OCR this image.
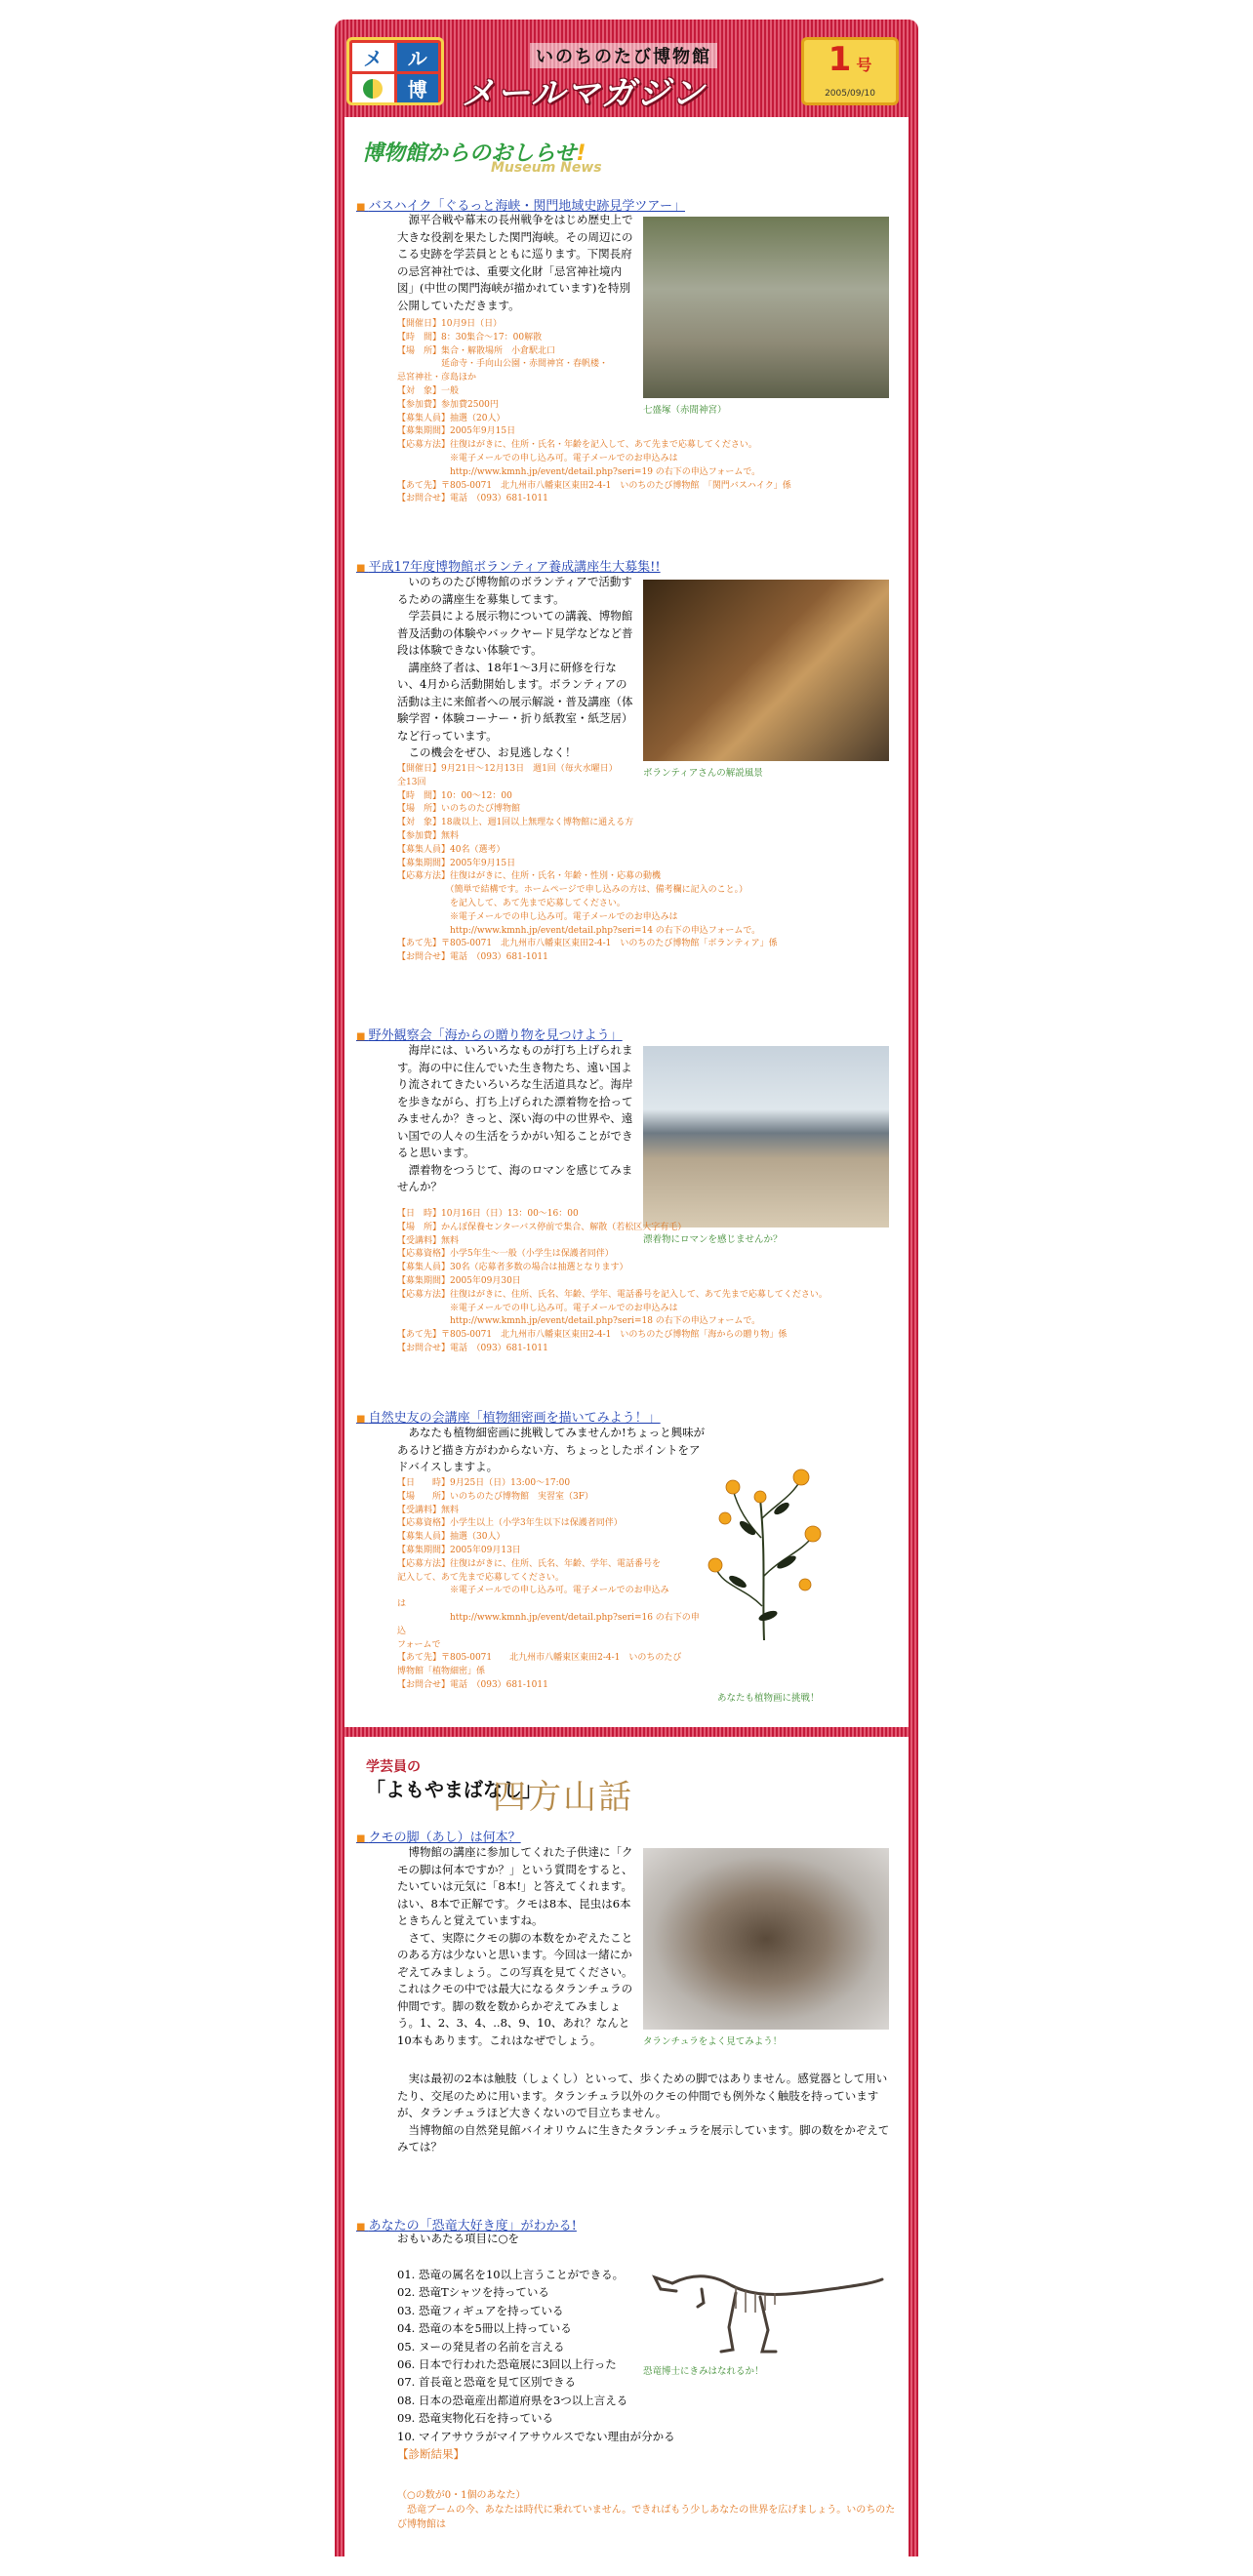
メ	ル
博
いのちのたび博物館
メールマガジン
1 号
2005/09/10
博物館からのおしらせ!
Museum News
■ バスハイク「ぐるっと海峡・関門地域史跡見学ツアー」

　源平合戦や幕末の長州戦争をはじめ歴史上で大きな役割を果たした関門海峡。その周辺にのこる史跡を学芸員とともに巡ります。下関長府の忌宮神社では、重要文化財「忌宮神社境内図」(中世の関門海峡が描かれています)を特別公開していただきます。

七盛塚（赤間神宮）

【開催日】10月9日（日）
【時　間】8：30集合～17：00解散
【場　所】集合・解散場所　小倉駅北口
　　　　　延命寺・手向山公園・赤間神宮・春帆楼・
忌宮神社・彦島ほか
【対　象】一般
【参加費】参加費2500円
【募集人員】抽選（20人）
【募集期間】2005年9月15日
【応募方法】往復はがきに、住所・氏名・年齢を記入して、あて先まで応募してください。
　　　　　　※電子メールでの申し込み可。電子メールでのお申込みは
　　　　　　http://www.kmnh.jp/event/detail.php?seri=19 の右下の申込フォームで。
【あて先】〒805-0071　北九州市八幡東区東田2-4-1　いのちのたび博物館　「関門バスハイク」係
【お問合せ】電話　（093）681-1011

■ 平成17年度博物館ボランティア養成講座生大募集!!

　いのちのたび博物館のボランティアで活動するための講座生を募集してます。
　学芸員による展示物についての講義、博物館普及活動の体験やバックヤード見学などなど普段は体験できない体験です。
　講座終了者は、18年1～3月に研修を行ない、4月から活動開始します。ボランティアの活動は主に来館者への展示解説・普及講座（体験学習・体験コーナー・折り紙教室・紙芝居）など行っています。
　この機会をぜひ、お見逃しなく！

ボランティアさんの解説風景

【開催日】9月21日～12月13日　週1回（毎火水曜日）
全13回
【時　間】10：00～12：00
【場　所】いのちのたび博物館
【対　象】18歳以上、週1回以上無理なく博物館に通える方
【参加費】無料
【募集人員】40名（選考）
【募集期間】2005年9月15日
【応募方法】往復はがきに、住所・氏名・年齢・性別・応募の動機
　　　　　　（簡単で結構です。ホームページで申し込みの方は、備考欄に記入のこと。）
　　　　　　を記入して、あて先まで応募してください。
　　　　　　※電子メールでの申し込み可。電子メールでのお申込みは
　　　　　　http://www.kmnh.jp/event/detail.php?seri=14 の右下の申込フォームで。
【あて先】〒805-0071　北九州市八幡東区東田2-4-1　いのちのたび博物館「ボランティア」係
【お問合せ】電話　（093）681-1011

■ 野外観察会「海からの贈り物を見つけよう」

　海岸には、いろいろなものが打ち上げられます。海の中に住んでいた生き物たち、遠い国より流されてきたいろいろな生活道具など。海岸を歩きながら、打ち上げられた漂着物を拾ってみませんか？きっと、深い海の中の世界や、遠い国での人々の生活をうかがい知ることができると思います。
　漂着物をつうじて、海のロマンを感じてみませんか？

漂着物にロマンを感じませんか？

【日　時】10月16日（日）13：00～16：00
【場　所】かんぽ保養センターバス停前で集合、解散（若松区大字有毛）
【受講料】無料
【応募資格】小学5年生～一般（小学生は保護者同伴）
【募集人員】30名（応募者多数の場合は抽選となります）
【募集期間】2005年09月30日
【応募方法】往復はがきに、住所、氏名、年齢、学年、電話番号を記入して、あて先まで応募してください。
　　　　　　※電子メールでの申し込み可。電子メールでのお申込みは
　　　　　　http://www.kmnh.jp/event/detail.php?seri=18 の右下の申込フォームで。
【あて先】〒805-0071　北九州市八幡東区東田2-4-1　いのちのたび博物館「海からの贈り物」係
【お問合せ】電話　（093）681-1011

■ 自然史友の会講座「植物細密画を描いてみよう！」

　あなたも植物細密画に挑戦してみませんか!ちょっと興味があるけど描き方がわからない方、ちょっとしたポイントをアドバイスしますよ。

【日　　時】9月25日（日）13:00～17:00
【場　　所】いのちのたび博物館　実習室（3F）
【受講料】無料
【応募資格】小学生以上（小学3年生以下は保護者同伴）
【募集人員】抽選（30人）
【募集期間】2005年09月13日
【応募方法】往復はがきに、住所、氏名、年齢、学年、電話番号を
記入して、あて先まで応募してください。
　　　　　　※電子メールでの申し込み可。電子メールでのお申込み
は
　　　　　　http://www.kmnh.jp/event/detail.php?seri=16 の右下の申込
フォームで
【あて先】〒805-0071　　北九州市八幡東区東田2-4-1　いのちのたび
博物館「植物細密」係
【お問合せ】電話　（093）681-1011

あなたも植物画に挑戦！
学芸員の
「よもやまばなし」
四方山話
■ クモの脚（あし）は何本？

　博物館の講座に参加してくれた子供達に「クモの脚は何本ですか？」という質問をすると、たいていは元気に「8本!」と答えてくれます。はい、8本で正解です。クモは8本、昆虫は6本ときちんと覚えていますね。
　さて、実際にクモの脚の本数をかぞえたことのある方は少ないと思います。今回は一緒にかぞえてみましょう。この写真を見てください。これはクモの中では最大になるタランチュラの仲間です。脚の数を数からかぞえてみましょう。1、2、3、4、..8、9、10、あれ？なんと10本もあります。これはなぜでしょう。	タランチュラをよく見てみよう！

　実は最初の2本は触肢（しょくし）といって、歩くための脚ではありません。感覚器として用いたり、交尾のために用います。タランチュラ以外のクモの仲間でも例外なく触肢を持っていますが、タランチュラほど大きくないので目立ちません。
　当博物館の自然発見館バイオリウムに生きたタランチュラを展示しています。脚の数をかぞえてみては？

■ あなたの「恐竜大好き度」がわかる!

おもいあたる項目に○を

01. 恐竜の属名を10以上言うことができる。
02. 恐竜Tシャツを持っている
03. 恐竜フィギュアを持っている
04. 恐竜の本を5冊以上持っている
05. ヌーの発見者の名前を言える
06. 日本で行われた恐竜展に3回以上行った
07. 首長竜と恐竜を見て区別できる
08. 日本の恐竜産出都道府県を3つ以上言える
09. 恐竜実物化石を持っている
10. マイアサウラがマイアサウルスでない理由が分かる
【診断結果】
恐竜博士にきみはなれるか！
（○の数が0・1個のあなた）
　恐竜ブームの今、あなたは時代に乗れていません。できればもう少しあなたの世界を広げましょう。いのちのたび博物館は
